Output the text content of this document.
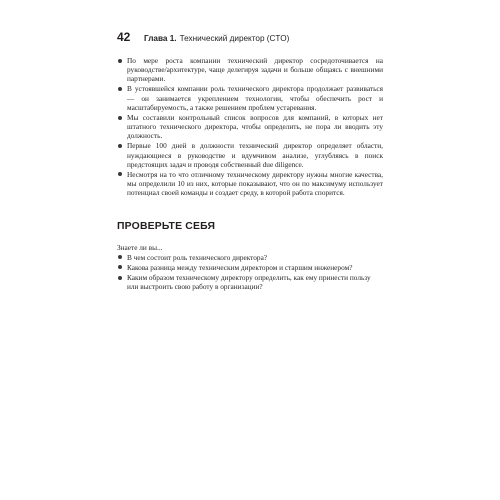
42	Глава 1. Технический директор (CTO)
По мере роста компании технический директор сосредоточивается на руководстве/архитектуре, чаще делегируя задачи и больше общаясь с внешними партнерами.
В устоявшейся компании роль технического директора продолжает развиваться — он занимается укреплением технологии, чтобы обеспечить рост и масштабируемость, а также решением проблем устаревания.
Мы составили контрольный список вопросов для компаний, в которых нет штатного технического директора, чтобы определить, не пора ли вводить эту должность.
Первые 100 дней в должности технический директор определяет области, нуждающиеся в руководстве и вдумчивом анализе, углубляясь в поиск предстоящих задач и проводя собственный due diligence.
Несмотря на то что отличному техническому директору нужны многие качества, мы определили 10 из них, которые показывают, что он по максимуму использует потенциал своей команды и создает среду, в которой работа спорится.
ПРОВЕРЬТЕ СЕБЯ
Знаете ли вы...
В чем состоит роль технического директора?
Какова разница между техническим директором и старшим инженером?
Каким образом техническому директору определить, как ему принести пользу или выстроить свою работу в организации?
